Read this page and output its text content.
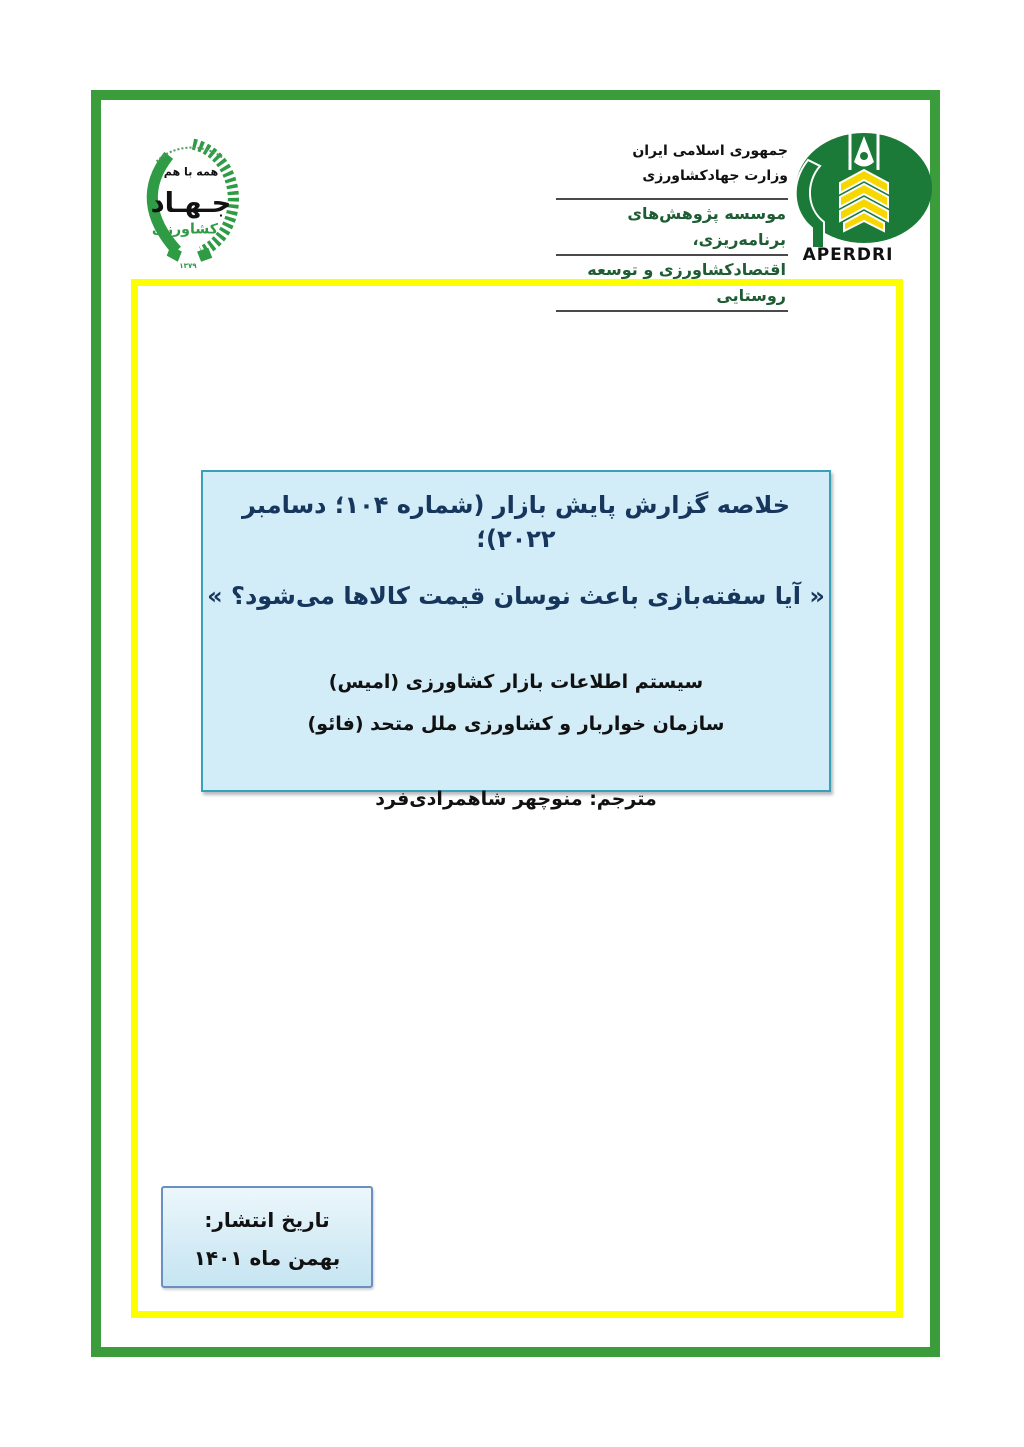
همه با هم
جـهـاد
کشاورزی
۱۳۷۹
جمهوری اسلامی ایران
وزارت جهادکشاورزی
موسسه پژوهش‌های برنامه‌ریزی،
اقتصادکشاورزی و توسعه روستایی
APERDRI
خلاصه گزارش پایش بازار (شماره ۱۰۴؛ دسامبر ۲۰۲۲)؛
« آیا سفته‌بازی باعث نوسان قیمت کالاها می‌شود؟ »
سیستم اطلاعات بازار کشاورزی (امیس)
سازمان خواربار و کشاورزی ملل متحد (فائو)
مترجم: منوچهر شاهمرادی‌فرد
تاریخ انتشار:
بهمن ماه ۱۴۰۱
